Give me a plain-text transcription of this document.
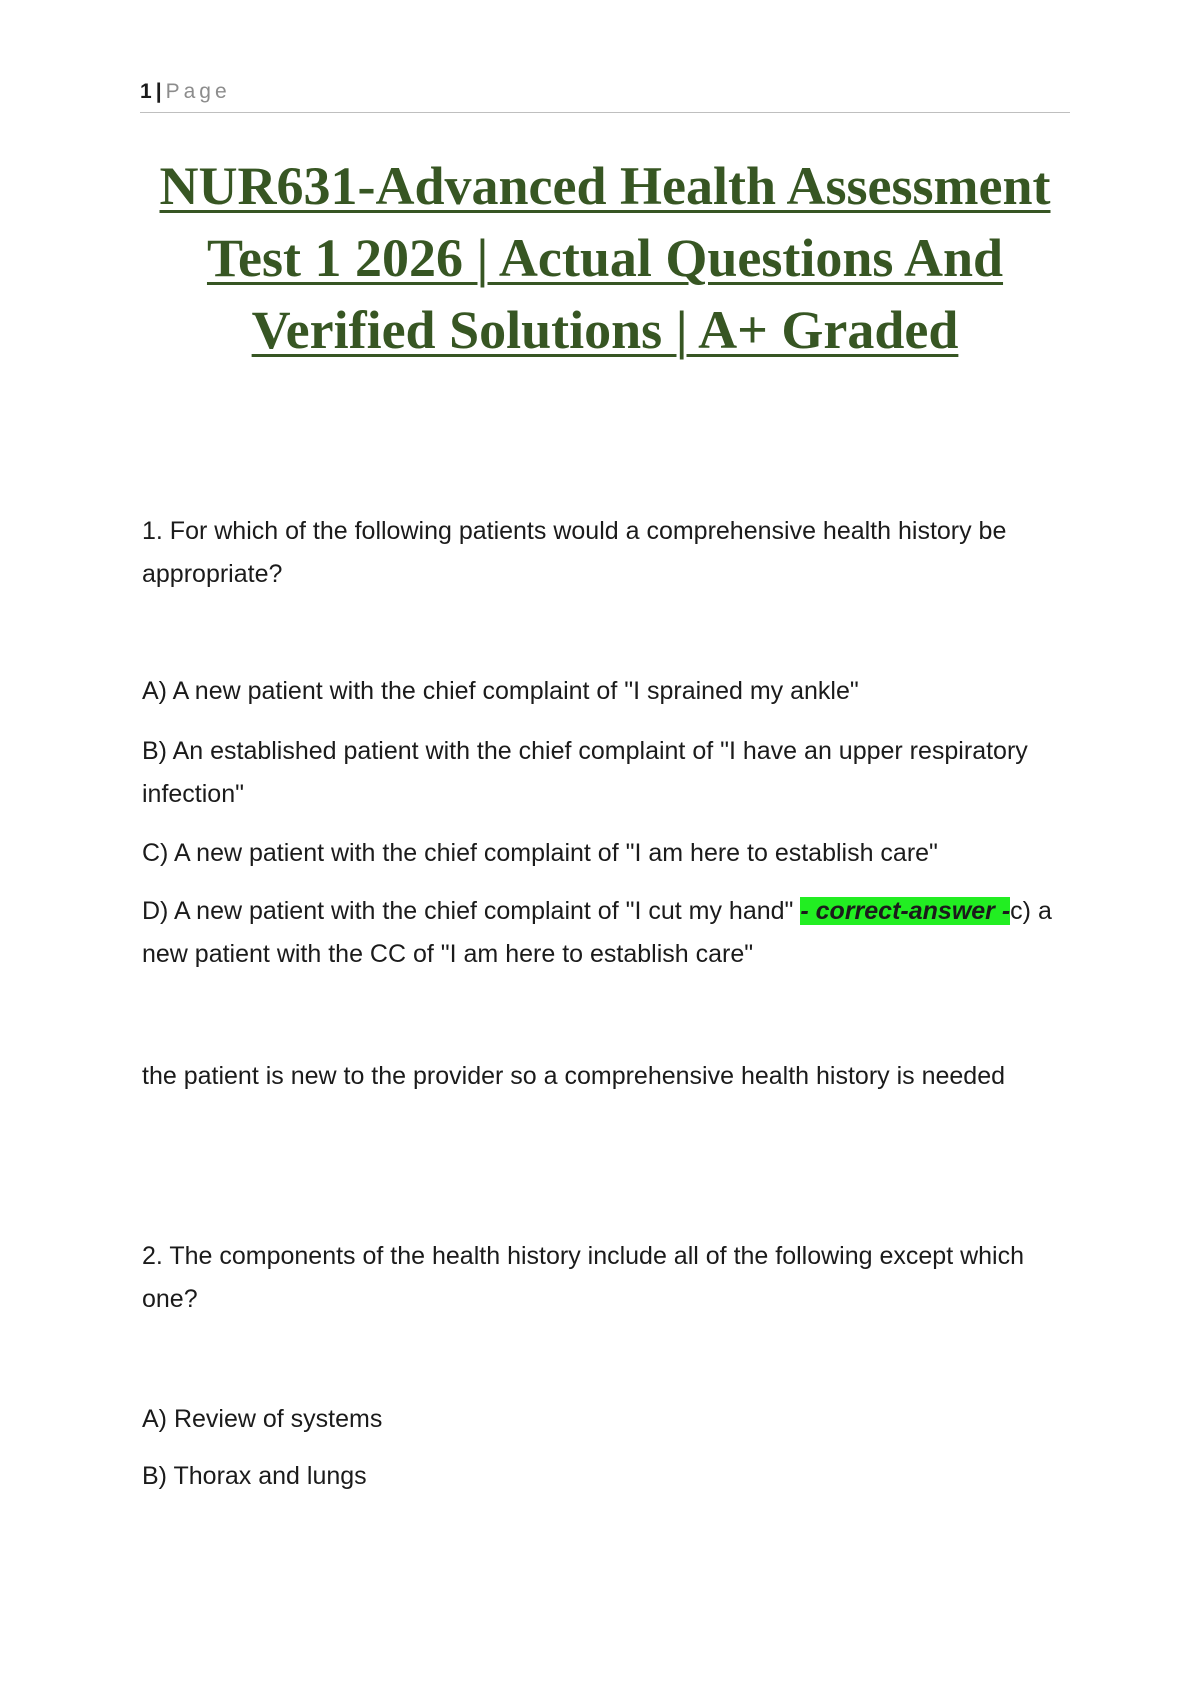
1 | Page
NUR631-Advanced Health Assessment
Test 1 2026 | Actual Questions And
Verified Solutions | A+ Graded

1. For which of the following patients would a comprehensive health history be appropriate?

A) A new patient with the chief complaint of "I sprained my ankle"

B) An established patient with the chief complaint of "I have an upper respiratory infection"

C) A new patient with the chief complaint of "I am here to establish care"

D) A new patient with the chief complaint of "I cut my hand" - correct-answer -c) a new patient with the CC of "I am here to establish care"

the patient is new to the provider so a comprehensive health history is needed

2. The components of the health history include all of the following except which one?

A) Review of systems

B) Thorax and lungs
